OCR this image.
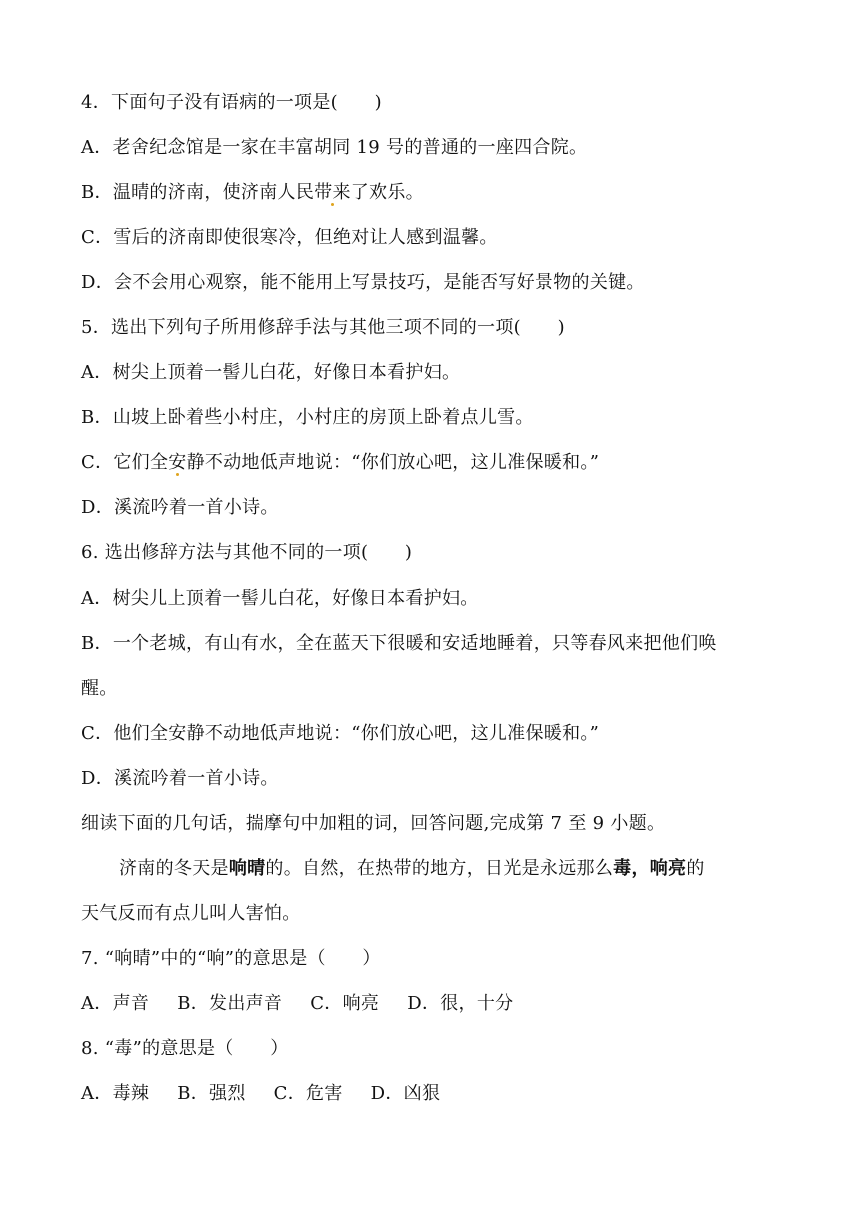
4．下面句子没有语病的一项是(　　)
A．老舍纪念馆是一家在丰富胡同 19 号的普通的一座四合院。
B．温晴的济南，使济南人民带来了欢乐。
C．雪后的济南即使很寒冷，但绝对让人感到温馨。
D．会不会用心观察，能不能用上写景技巧，是能否写好景物的关键。
5．选出下列句子所用修辞手法与其他三项不同的一项(　　)
A．树尖上顶着一髻儿白花，好像日本看护妇。
B．山坡上卧着些小村庄，小村庄的房顶上卧着点儿雪。
C．它们全安静不动地低声地说：“你们放心吧，这儿准保暖和。”
D．溪流吟着一首小诗。
6. 选出修辞方法与其他不同的一项(　　)
A．树尖儿上顶着一髻儿白花，好像日本看护妇。
B．一个老城，有山有水，全在蓝天下很暖和安适地睡着，只等春风来把他们唤
醒。
C．他们全安静不动地低声地说：“你们放心吧，这儿准保暖和。”
D．溪流吟着一首小诗。
细读下面的几句话，揣摩句中加粗的词，回答问题,完成第 7 至 9 小题。
济南的冬天是响晴的。自然，在热带的地方，日光是永远那么毒，响亮的
天气反而有点儿叫人害怕。
7. “响晴”中的“响”的意思是（　　）
A．声音 B．发出声音 C．响亮 D．很，十分
8. “毒”的意思是（　　）
A．毒辣 B．强烈 C．危害 D．凶狠
